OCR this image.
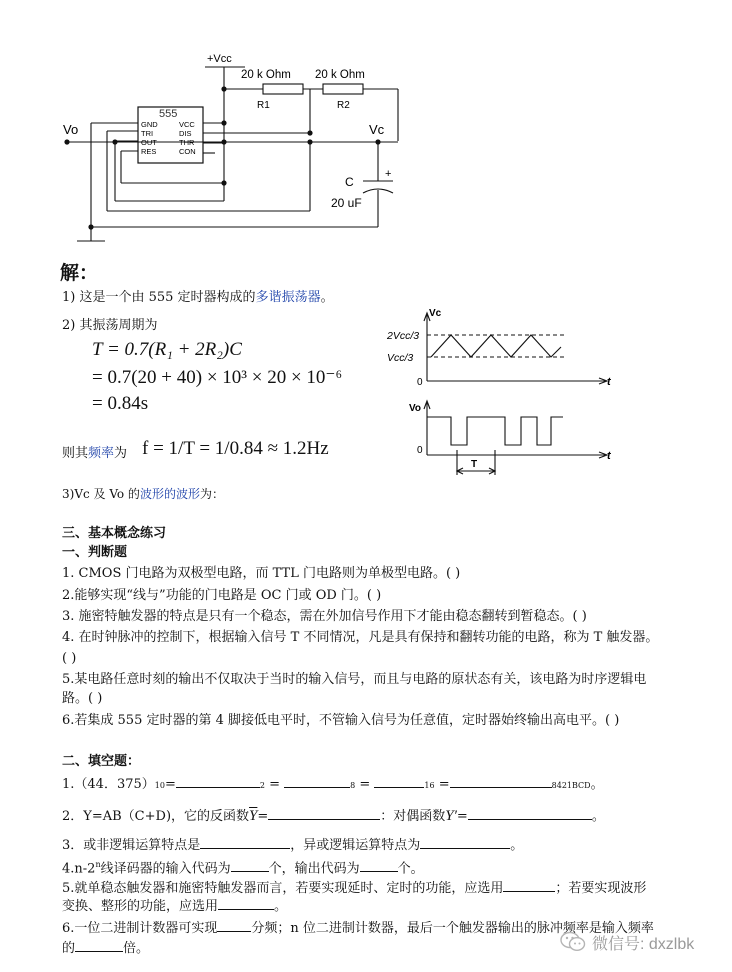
+Vcc
20 k Ohm 20 k Ohm
R1	R2
555
GND
TRI
OUT
RES
VCC
DIS
THR
CON
Vo	Vc
C
+
20 uF
解：
1) 这是一个由 555 定时器构成的多谐振荡器。
2) 其振荡周期为
T = 0.7(R₁ + 2R₂)C
= 0.7(20 + 40) × 10³ × 20 × 10⁻⁶
= 0.84s
则其频率为 f = 1/T = 1/0.84 ≈ 1.2Hz
3)Vc 及 Vo 的波形的波形为：
Vc
2Vcc/3
Vcc/3
0	t
Vo
0	t
T
三、基本概念练习
一、判断题
1. CMOS 门电路为双极型电路，而 TTL 门电路则为单极型电路。( )
2.能够实现“线与”功能的门电路是 OC 门或 OD 门。( )
3. 施密特触发器的特点是只有一个稳态，需在外加信号作用下才能由稳态翻转到暂稳态。( )
4. 在时钟脉冲的控制下，根据输入信号 T 不同情况，凡是具有保持和翻转功能的电路，称为 T 触发器。
( )
5.某电路任意时刻的输出不仅取决于当时的输入信号，而且与电路的原状态有关，该电路为时序逻辑电
路。( )
6.若集成 555 定时器的第 4 脚接低电平时，不管输入信号为任意值，定时器始终输出高电平。( )
二、填空题：
1.（44．375）10=	2 =	8 =	16 =	8421BCD。
2．Y=AB（C+D)，它的反函数$\overline{Y}=$	：对偶函数Y′=	。
3．或非逻辑运算特点是	，异或逻辑运算特点为	。
4.n-2$^n$线译码器的输入代码为	个，输出代码为	个。
5.就单稳态触发器和施密特触发器而言，若要实现延时、定时的功能，应选用	；若要实现波形
变换、整形的功能，应选用	。
6.一位二进制计数器可实现	分频；n 位二进制计数器，最后一个触发器输出的脉冲频率是输入频率
的	倍。	微信号: dxzlbk
